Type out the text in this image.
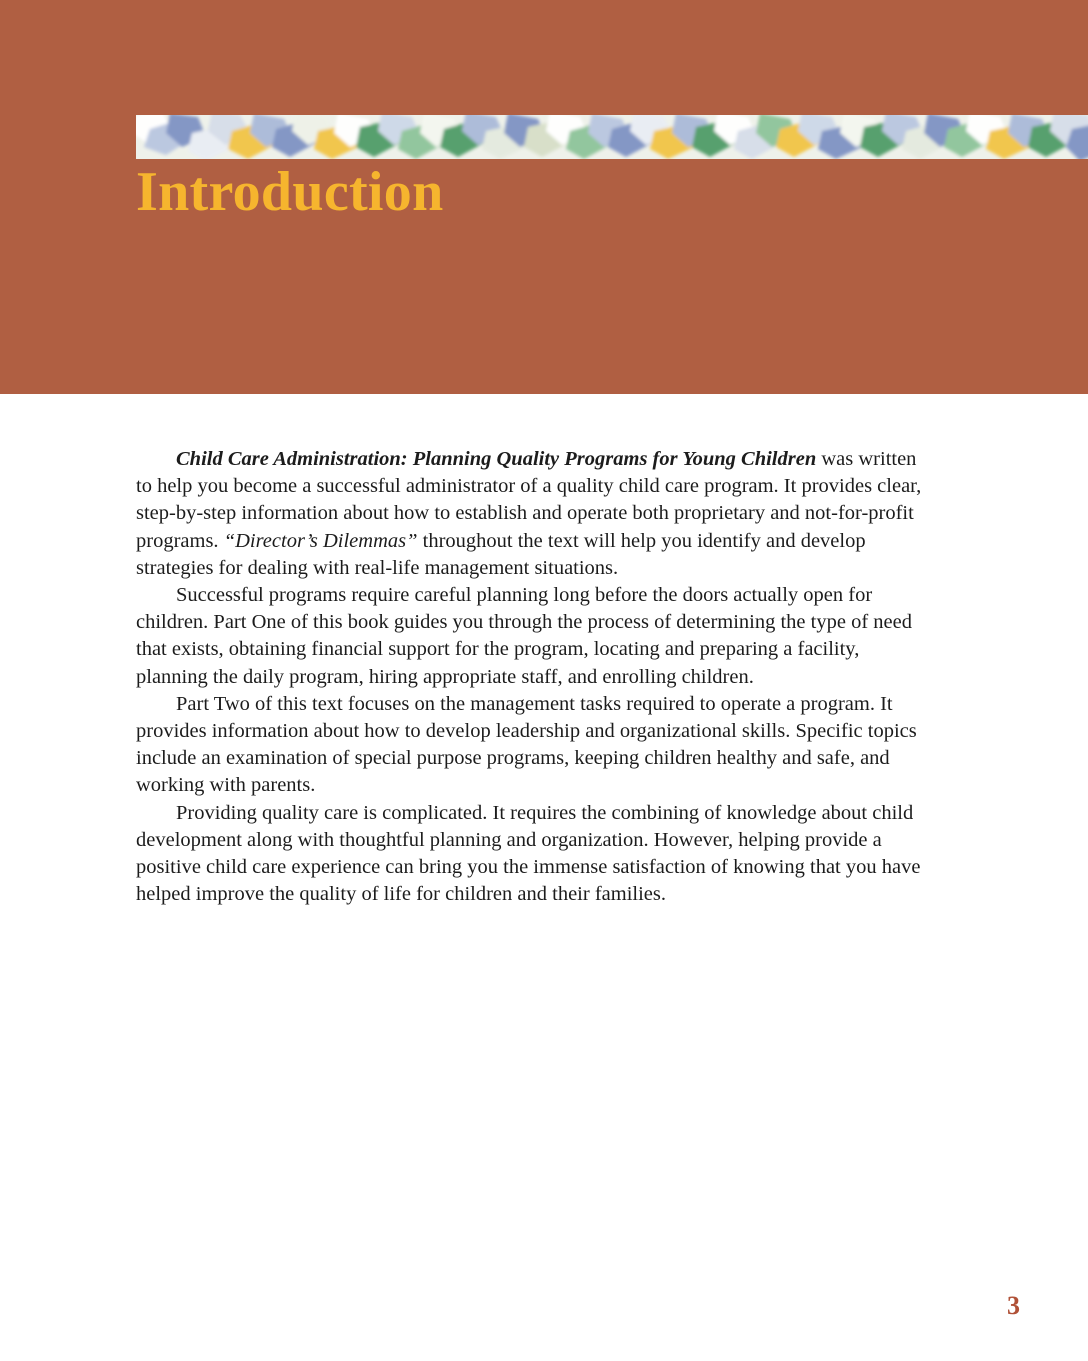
Introduction

Child Care Administration: Planning Quality Programs for Young Children was written to help you become a successful administrator of a quality child care program. It provides clear, step-by-step information about how to establish and operate both proprietary and not-for-profit programs. “Director’s Dilemmas” throughout the text will help you identify and develop strategies for dealing with real-life management situations.

Successful programs require careful planning long before the doors actually open for children. Part One of this book guides you through the process of determining the type of need that exists, obtaining financial support for the program, locating and preparing a facility, planning the daily program, hiring appropriate staff, and enrolling children.

Part Two of this text focuses on the management tasks required to operate a program. It provides information about how to develop leadership and organizational skills. Specific topics include an examination of special purpose programs, keeping children healthy and safe, and working with parents.

Providing quality care is complicated. It requires the combining of knowledge about child development along with thoughtful planning and organization. However, helping provide a positive child care experience can bring you the immense satisfaction of knowing that you have helped improve the quality of life for children and their families.

3
